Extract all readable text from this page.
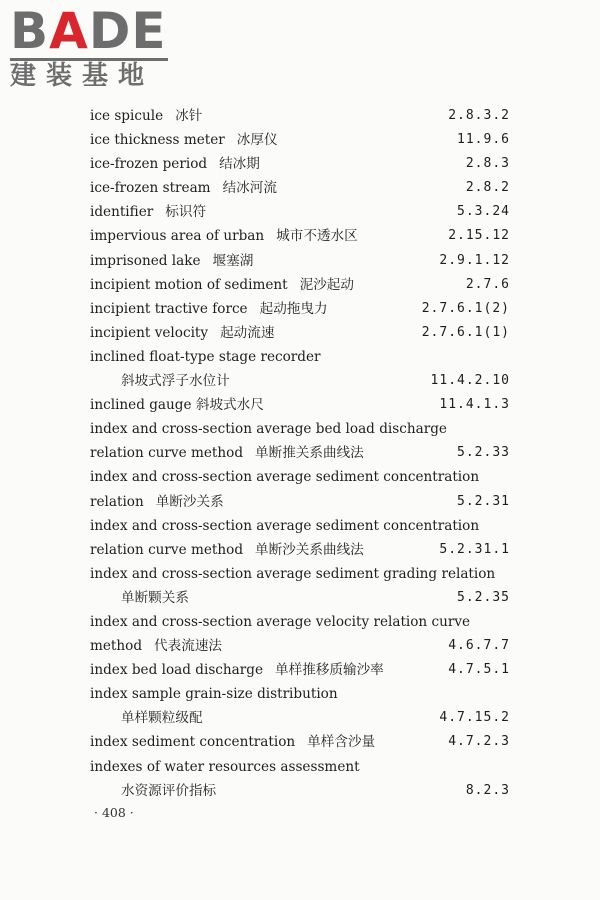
BADE
建装基地
ice spicule 冰针	2.8.3.2
ice thickness meter 冰厚仪	11.9.6
ice-frozen period 结冰期	2.8.3
ice-frozen stream 结冰河流	2.8.2
identifier 标识符	5.3.24
impervious area of urban 城市不透水区	2.15.12
imprisoned lake 堰塞湖	2.9.1.12
incipient motion of sediment 泥沙起动	2.7.6
incipient tractive force 起动拖曳力	2.7.6.1(2)
incipient velocity 起动流速	2.7.6.1(1)
inclined float-type stage recorder
斜坡式浮子水位计	11.4.2.10
inclined gauge 斜坡式水尺	11.4.1.3
index and cross-section average bed load discharge
relation curve method 单断推关系曲线法	5.2.33
index and cross-section average sediment concentration
relation 单断沙关系	5.2.31
index and cross-section average sediment concentration
relation curve method 单断沙关系曲线法	5.2.31.1
index and cross-section average sediment grading relation
单断颗关系	5.2.35
index and cross-section average velocity relation curve
method 代表流速法	4.6.7.7
index bed load discharge 单样推移质输沙率	4.7.5.1
index sample grain-size distribution
单样颗粒级配	4.7.15.2
index sediment concentration 单样含沙量	4.7.2.3
indexes of water resources assessment
水资源评价指标	8.2.3
· 408 ·
